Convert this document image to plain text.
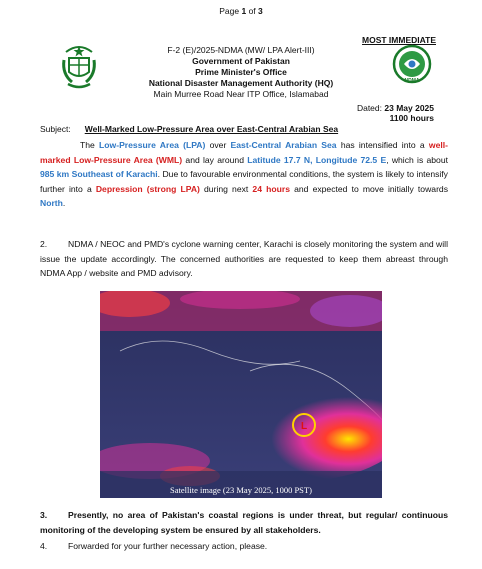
Page 1 of 3
MOST IMMEDIATE
NDMA
F-2 (E)/2025-NDMA (MW/ LPA Alert-III)
Government of Pakistan
Prime Minister's Office
National Disaster Management Authority (HQ)
Main Murree Road Near ITP Office, Islamabad
Dated: 23 May 2025
1100 hours
Subject: Well-Marked Low-Pressure Area over East-Central Arabian Sea
The Low-Pressure Area (LPA) over East-Central Arabian Sea has intensified into a well-marked Low-Pressure Area (WML) and lay around Latitude 17.7 N, Longitude 72.5 E, which is about 985 km Southeast of Karachi. Due to favourable environmental conditions, the system is likely to intensify further into a Depression (strong LPA) during next 24 hours and expected to move initially towards North.
2. NDMA / NEOC and PMD's cyclone warning center, Karachi is closely monitoring the system and will issue the update accordingly. The concerned authorities are requested to keep them abreast through NDMA App / website and PMD advisory.
L
Satellite image (23 May 2025, 1000 PST)
3. Presently, no area of Pakistan's coastal regions is under threat, but regular/ continuous monitoring of the developing system be ensured by all stakeholders.
4. Forwarded for your further necessary action, please.
